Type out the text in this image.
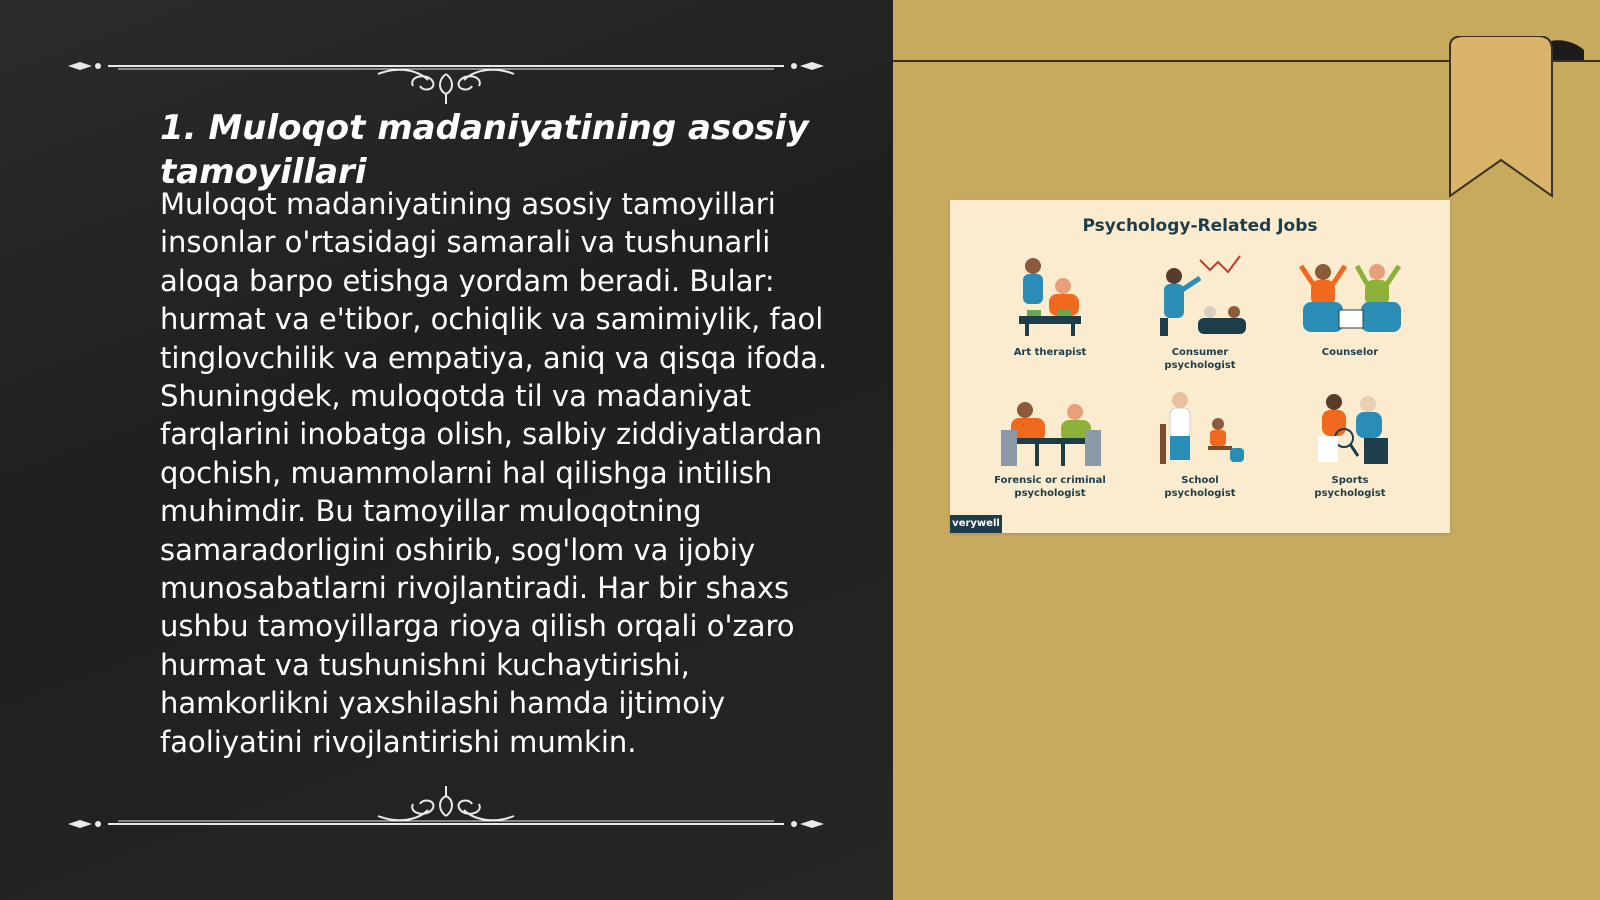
1. Muloqot madaniyatining asosiy tamoyillari

Muloqot madaniyatining asosiy tamoyillari insonlar o'rtasidagi samarali va tushunarli aloqa barpo etishga yordam beradi. Bular: hurmat va e'tibor, ochiqlik va samimiylik, faol tinglovchilik va empatiya, aniq va qisqa ifoda. Shuningdek, muloqotda til va madaniyat farqlarini inobatga olish, salbiy ziddiyatlardan qochish, muammolarni hal qilishga intilish muhimdir. Bu tamoyillar muloqotning samaradorligini oshirib, sog'lom va ijobiy munosabatlarni rivojlantiradi. Har bir shaxs ushbu tamoyillarga rioya qilish orqali o'zaro hurmat va tushunishni kuchaytirishi, hamkorlikni yaxshilashi hamda ijtimoiy faoliyatini rivojlantirishi mumkin.

Psychology-Related Jobs
Art therapist	Consumer
psychologist
Counselor
Forensic or criminal
psychologist
School
psychologist
Sports
psychologist
verywell
